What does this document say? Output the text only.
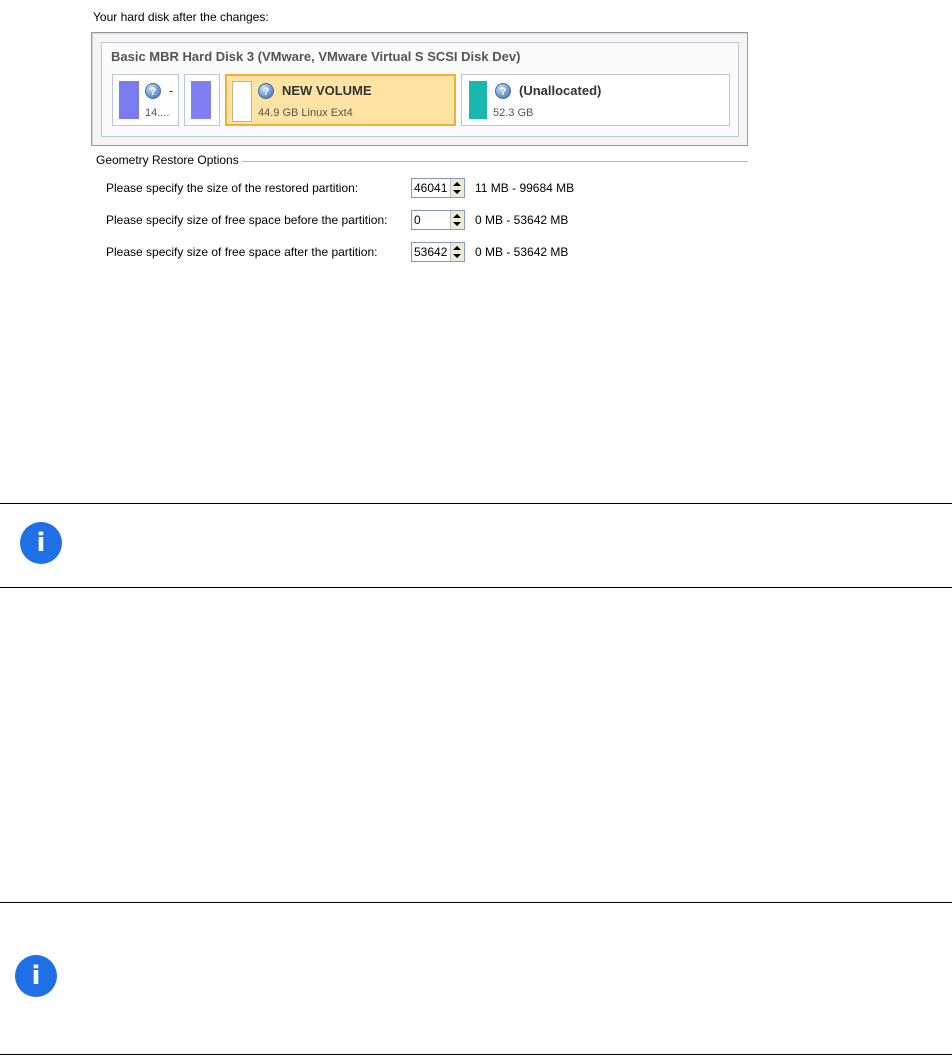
Your hard disk after the changes:
Basic MBR Hard Disk 3 (VMware, VMware Virtual S SCSI Disk Dev)
? -
14....
? NEW VOLUME
44.9 GB Linux Ext4
? (Unallocated)
52.3 GB
Geometry Restore Options
Please specify the size of the restored partition:	46041 11 MB - 99684 MB
Please specify size of free space before the partition: 0	0 MB - 53642 MB
Please specify size of free space after the partition:	53642 0 MB - 53642 MB
i
i
